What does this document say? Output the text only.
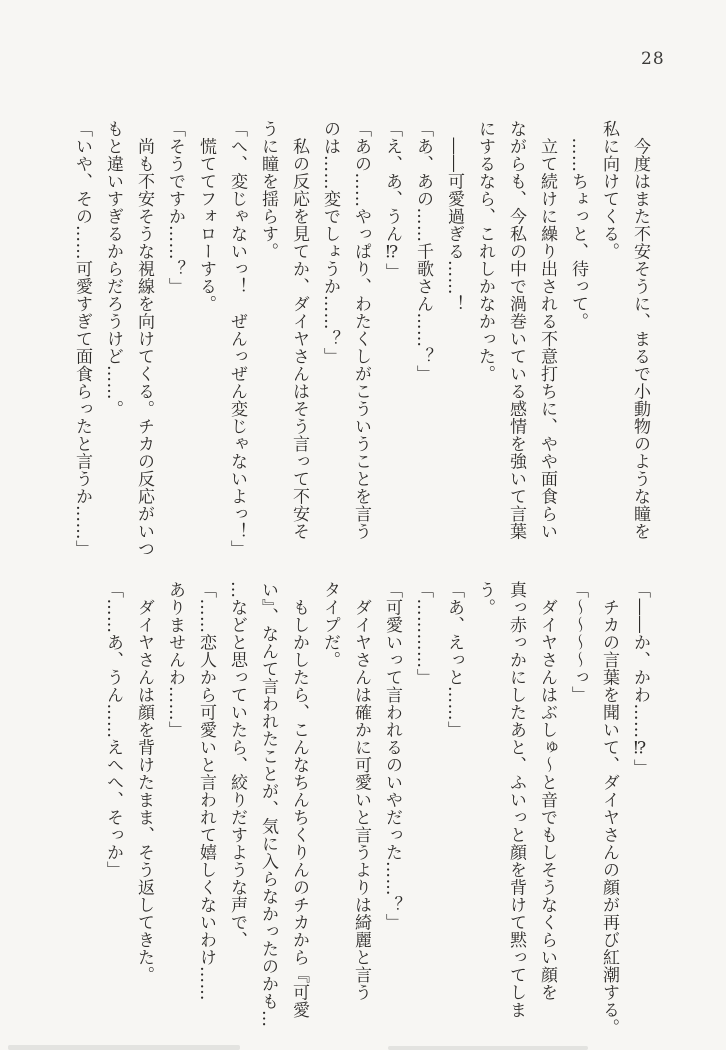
28

　今度はまた不安そうに、まるで小動物のような瞳を

私に向けてくる。

　……ちょっと、待って。

　立て続けに繰り出される不意打ちに、やや面食らい

ながらも、今私の中で渦巻いている感情を強いて言葉

にするなら、これしかなかった。

　――可愛過ぎる……！

「あ、あの……千歌さん……？」

「え、あ、うん⁉」

「あの……やっぱり、わたくしがこういうことを言う

のは……変でしょうか……？」

　私の反応を見てか、ダイヤさんはそう言って不安そ

うに瞳を揺らす。

「へ、変じゃないっ！　ぜんっぜん変じゃないよっ！」

　慌ててフォローする。

「そうですか……？」

　尚も不安そうな視線を向けてくる。チカの反応がいつ

もと違いすぎるからだろうけど……。

「いや、その……可愛すぎて面食らったと言うか……」

「――か、かわ……⁉」

　チカの言葉を聞いて、ダイヤさんの顔が再び紅潮する。

「～～～～っ」

　ダイヤさんはぶしゅ～と音でもしそうなくらい顔を

真っ赤っかにしたあと、ふいっと顔を背けて黙ってしま

う。

「あ、えっと……」

「…………」

「可愛いって言われるのいやだった……？」

　ダイヤさんは確かに可愛いと言うよりは綺麗と言う

タイプだ。

　もしかしたら、こんなちんちくりんのチカから『可愛

い』、なんて言われたことが、気に入らなかったのかも…

…などと思っていたら、絞りだすような声で、

「……恋人から可愛いと言われて嬉しくないわけ……

ありませんわ……」

　ダイヤさんは顔を背けたまま、そう返してきた。

「……あ、うん……えへへ、そっか」
